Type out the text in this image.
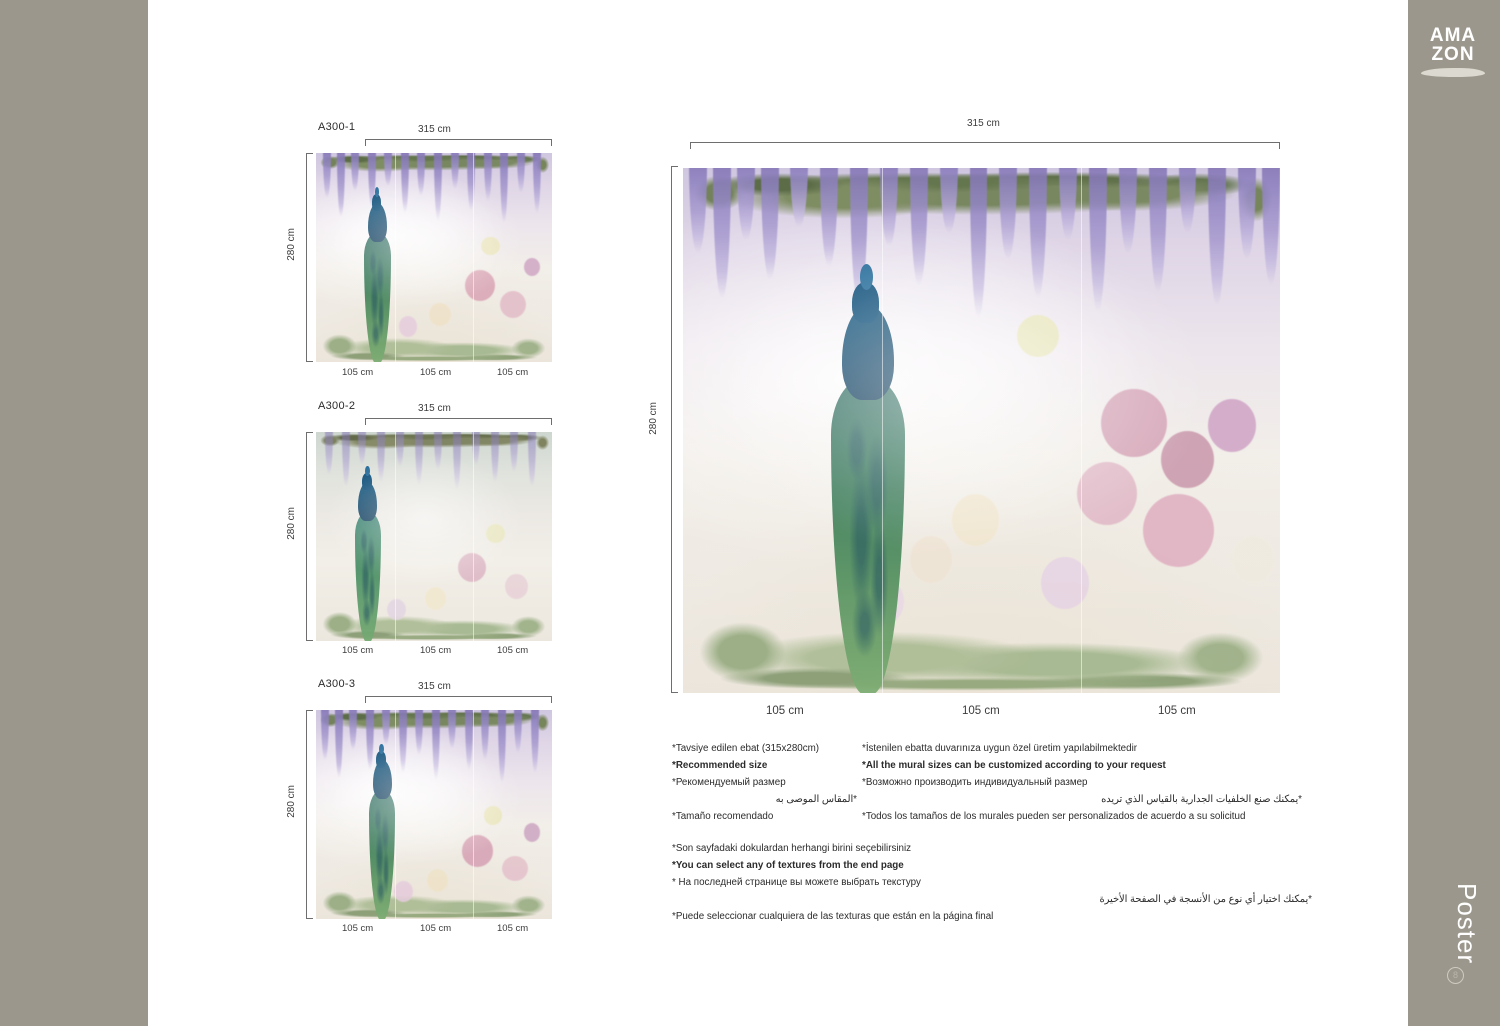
AMA
ZON
Poster
8
A300-1	315 cm
280 cm
105 cm	105 cm	105 cm
A300-2	315 cm
280 cm
105 cm	105 cm	105 cm
A300-3	315 cm
280 cm
105 cm	105 cm	105 cm
315 cm
280 cm
105 cm	105 cm	105 cm

*Tavsiye edilen ebat (315x280cm)

*Recommended size

*Рекомендуемый размер

*المقاس الموصى به

*Tamaño recomendado

*İstenilen ebatta duvarınıza uygun özel üretim yapılabilmektedir

*All the mural sizes can be customized according to your request

*Возможно производить индивидуальный размер

*يمكنك صنع الخلفيات الجدارية بالقياس الذي تريده

*Todos los tamaños de los murales pueden ser personalizados de acuerdo a su solicitud

*Son sayfadaki dokulardan herhangi birini seçebilirsiniz

*You can select any of textures from the end page

* На последней странице вы можете выбрать текстуру

*يمكنك اختيار أي نوع من الأنسجة في الصفحة الأخيرة

*Puede seleccionar cualquiera de las texturas que están en la página final
